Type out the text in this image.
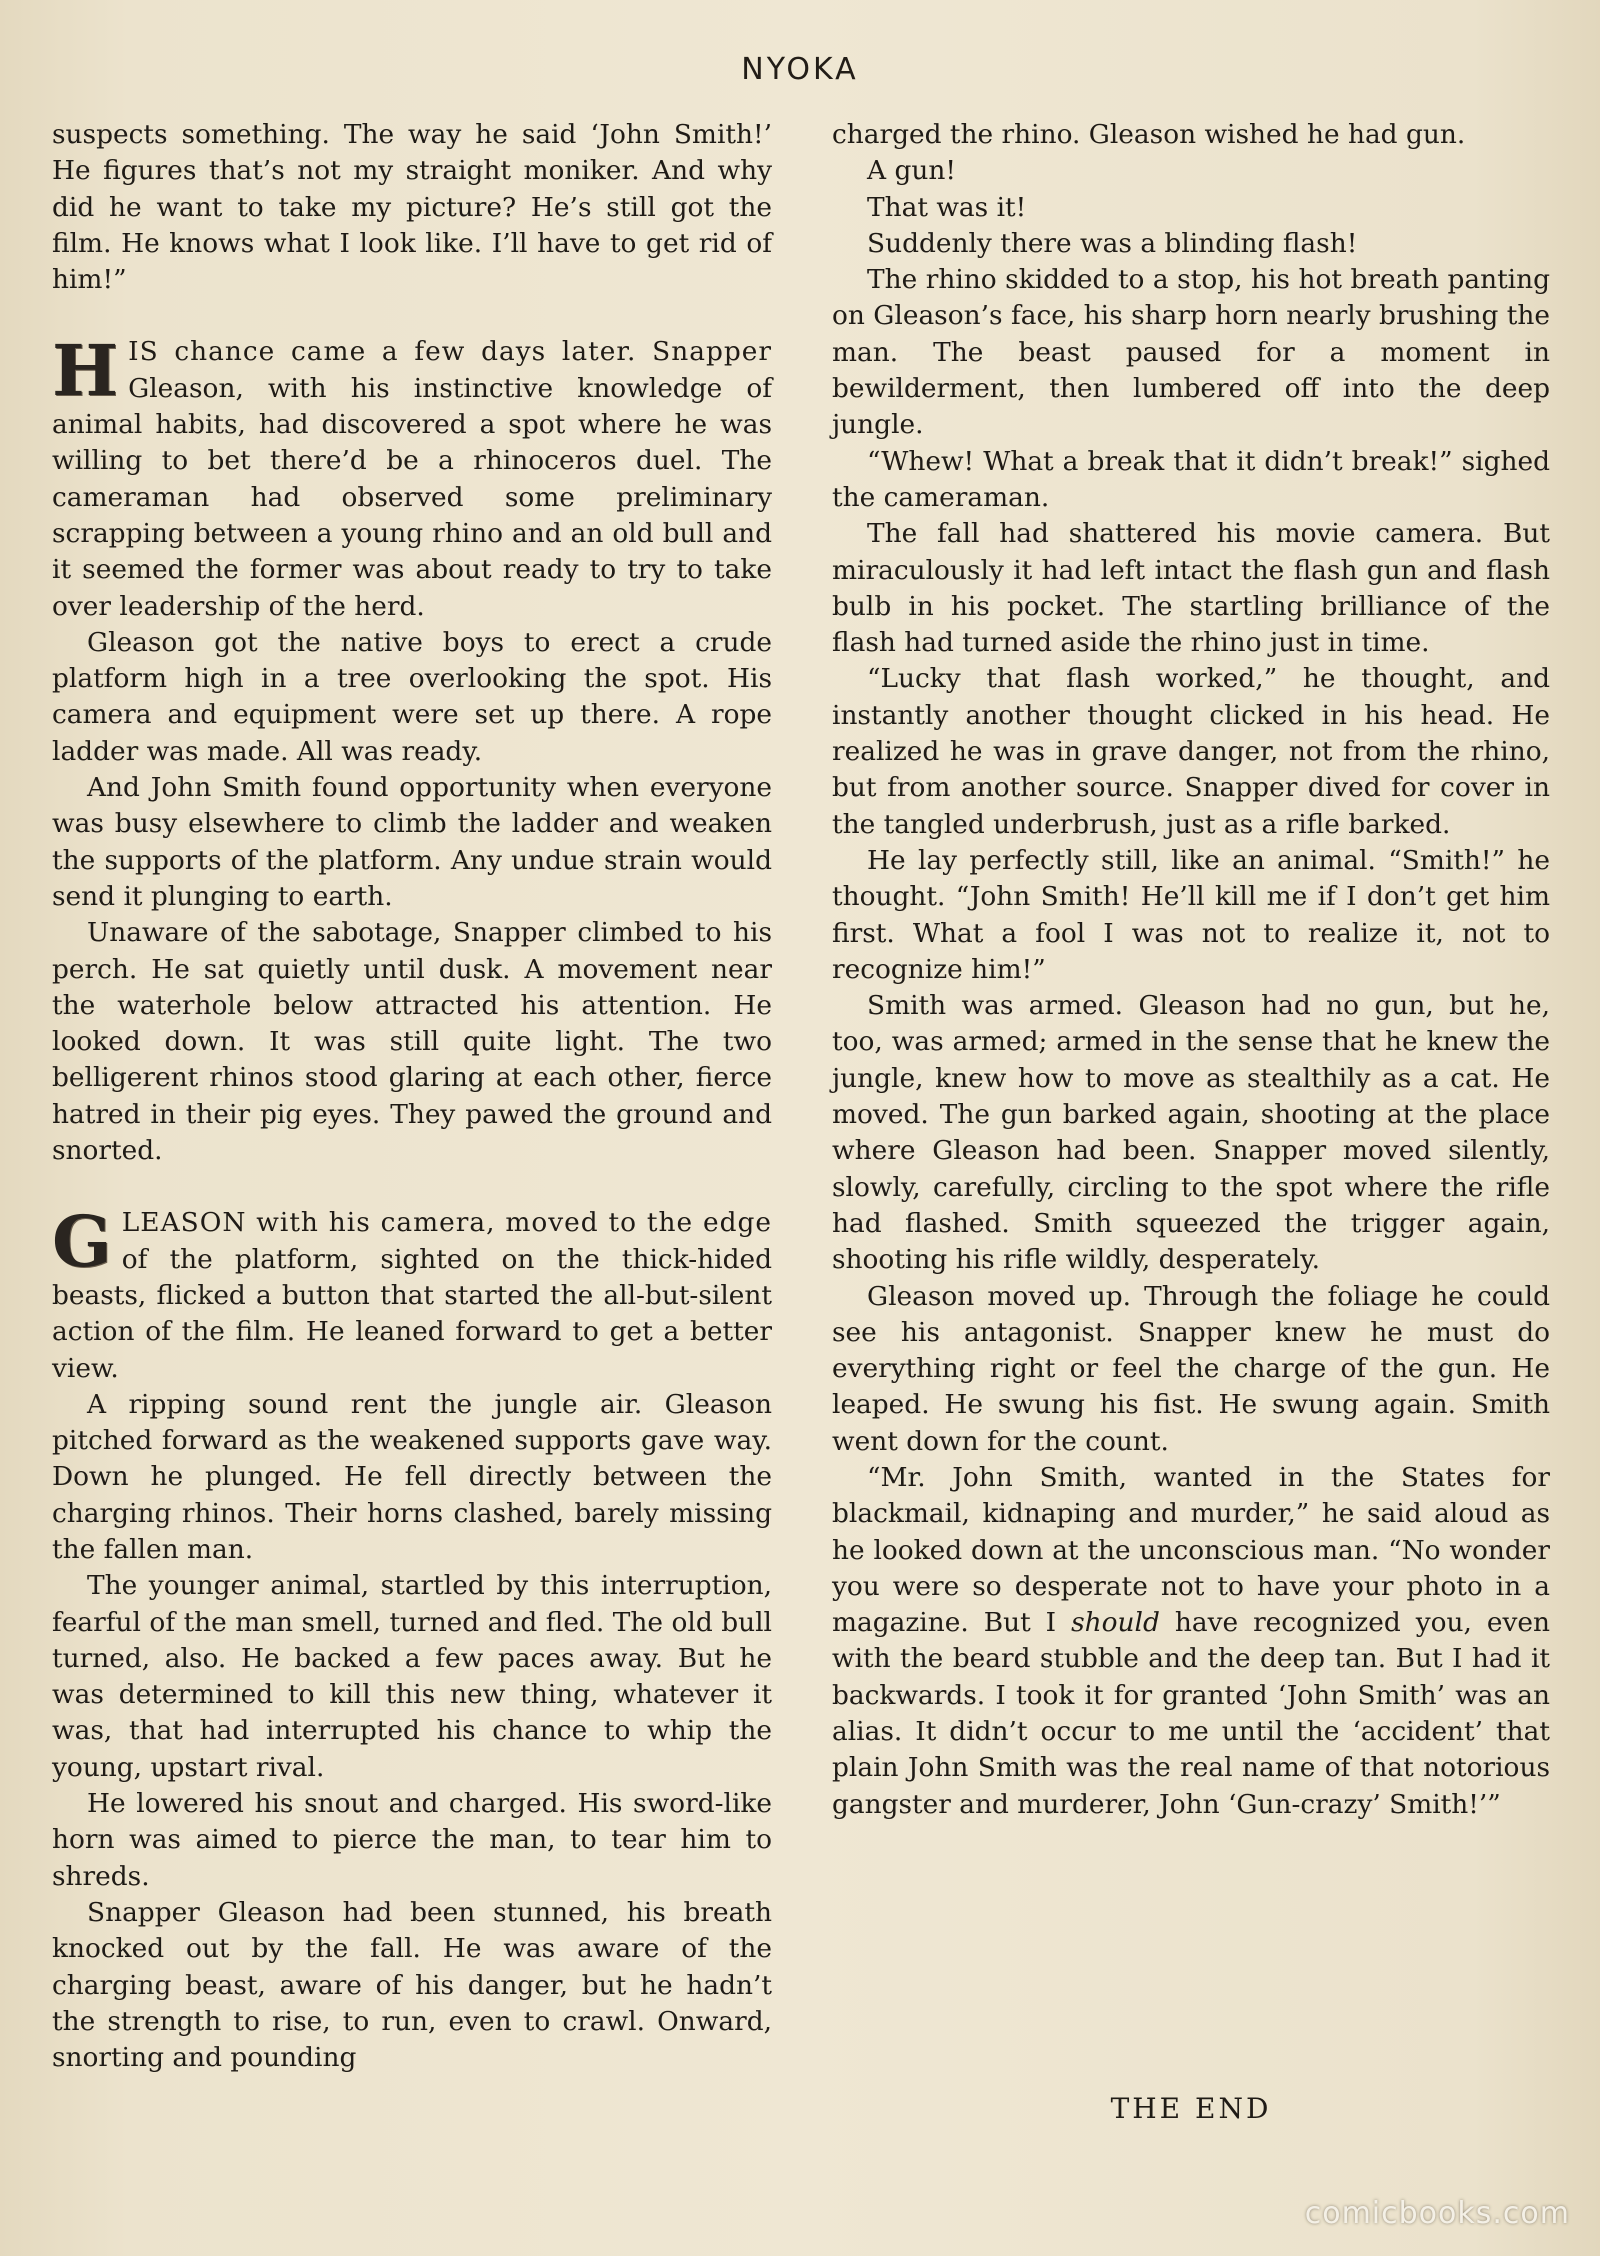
NYOKA

suspects something. The way he said ‘John Smith!’ He figures that’s not my straight moniker. And why did he want to take my picture? He’s still got the film. He knows what I look like. I’ll have to get rid of him!”

HIS chance came a few days later. Snapper Gleason, with his instinctive knowledge of animal habits, had discovered a spot where he was willing to bet there’d be a rhinoceros duel. The cameraman had observed some preliminary scrapping between a young rhino and an old bull and it seemed the former was about ready to try to take over leadership of the herd.

Gleason got the native boys to erect a crude platform high in a tree overlooking the spot. His camera and equipment were set up there. A rope ladder was made. All was ready.

And John Smith found opportunity when everyone was busy elsewhere to climb the ladder and weaken the supports of the platform. Any undue strain would send it plunging to earth.

Unaware of the sabotage, Snapper climbed to his perch. He sat quietly until dusk. A movement near the waterhole below attracted his attention. He looked down. It was still quite light. The two belligerent rhinos stood glaring at each other, fierce hatred in their pig eyes. They pawed the ground and snorted.

GLEASON with his camera, moved to the edge of the platform, sighted on the thick-hided beasts, flicked a button that started the all-but-silent action of the film. He leaned forward to get a better view.

A ripping sound rent the jungle air. Gleason pitched forward as the weakened supports gave way. Down he plunged. He fell directly between the charging rhinos. Their horns clashed, barely missing the fallen man.

The younger animal, startled by this interruption, fearful of the man smell, turned and fled. The old bull turned, also. He backed a few paces away. But he was determined to kill this new thing, whatever it was, that had interrupted his chance to whip the young, upstart rival.

He lowered his snout and charged. His sword-like horn was aimed to pierce the man, to tear him to shreds.

Snapper Gleason had been stunned, his breath knocked out by the fall. He was aware of the charging beast, aware of his danger, but he hadn’t the strength to rise, to run, even to crawl. Onward, snorting and pounding

charged the rhino. Gleason wished he had gun.

A gun!

That was it!

Suddenly there was a blinding flash!

The rhino skidded to a stop, his hot breath panting on Gleason’s face, his sharp horn nearly brushing the man. The beast paused for a moment in bewilderment, then lumbered off into the deep jungle.

“Whew! What a break that it didn’t break!” sighed the cameraman.

The fall had shattered his movie camera. But miraculously it had left intact the flash gun and flash bulb in his pocket. The startling brilliance of the flash had turned aside the rhino just in time.

“Lucky that flash worked,” he thought, and instantly another thought clicked in his head. He realized he was in grave danger, not from the rhino, but from another source. Snapper dived for cover in the tangled underbrush, just as a rifle barked.

He lay perfectly still, like an animal. “Smith!” he thought. “John Smith! He’ll kill me if I don’t get him first. What a fool I was not to realize it, not to recognize him!”

Smith was armed. Gleason had no gun, but he, too, was armed; armed in the sense that he knew the jungle, knew how to move as stealthily as a cat. He moved. The gun barked again, shooting at the place where Gleason had been. Snapper moved silently, slowly, carefully, circling to the spot where the rifle had flashed. Smith squeezed the trigger again, shooting his rifle wildly, desperately.

Gleason moved up. Through the foliage he could see his antagonist. Snapper knew he must do everything right or feel the charge of the gun. He leaped. He swung his fist. He swung again. Smith went down for the count.

“Mr. John Smith, wanted in the States for blackmail, kidnaping and murder,” he said aloud as he looked down at the unconscious man. “No wonder you were so desperate not to have your photo in a magazine. But I should have recognized you, even with the beard stubble and the deep tan. But I had it backwards. I took it for granted ‘John Smith’ was an alias. It didn’t occur to me until the ‘accident’ that plain John Smith was the real name of that notorious gangster and murderer, John ‘Gun-crazy’ Smith!’”

THE END
comicbooks.com
